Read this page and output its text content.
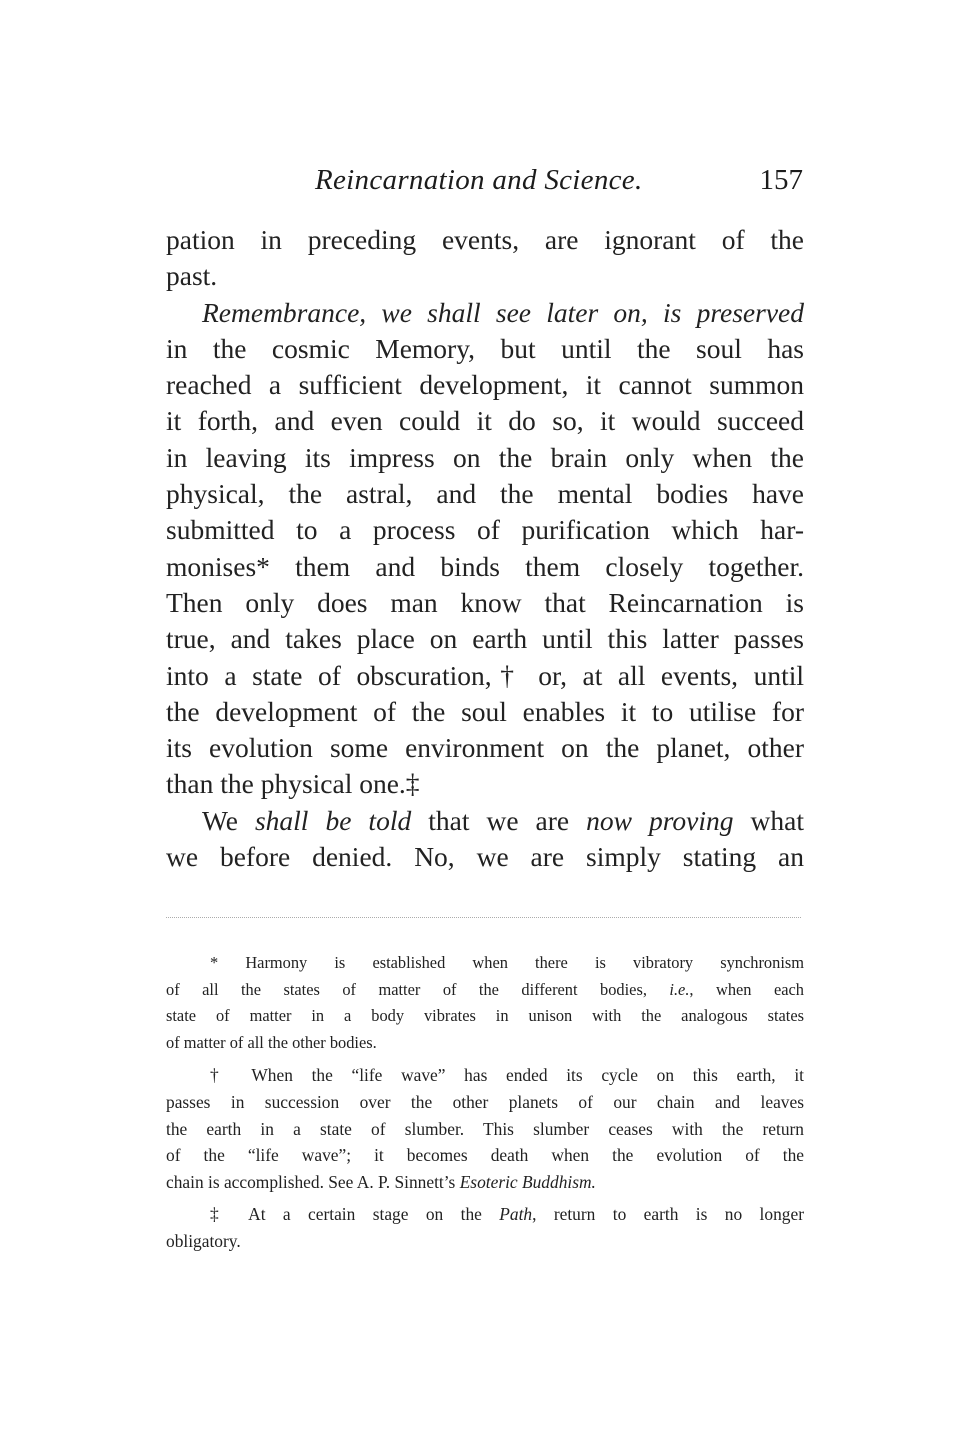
Reincarnation and Science.	157

pation in preceding events, are ignorant of the
past.

Remembrance, we shall see later on, is preserved
in the cosmic Memory, but until the soul has
reached a sufficient development, it cannot summon
it forth, and even could it do so, it would succeed
in leaving its impress on the brain only when the
physical, the astral, and the mental bodies have
submitted to a process of purification which har-
monises* them and binds them closely together.
Then only does man know that Reincarnation is
true, and takes place on earth until this latter passes
into a state of obscuration,† or, at all events, until
the development of the soul enables it to utilise for
its evolution some environment on the planet, other
than the physical one.‡

We shall be told that we are now proving what
we before denied. No, we are simply stating an

* Harmony is established when there is vibratory synchronism
of all the states of matter of the different bodies, i.e., when each
state of matter in a body vibrates in unison with the analogous states
of matter of all the other bodies.
† When the “life wave” has ended its cycle on this earth, it
passes in succession over the other planets of our chain and leaves
the earth in a state of slumber. This slumber ceases with the return
of the “life wave”; it becomes death when the evolution of the
chain is accomplished. See A. P. Sinnett’s Esoteric Buddhism.
‡ At a certain stage on the Path, return to earth is no longer
obligatory.
